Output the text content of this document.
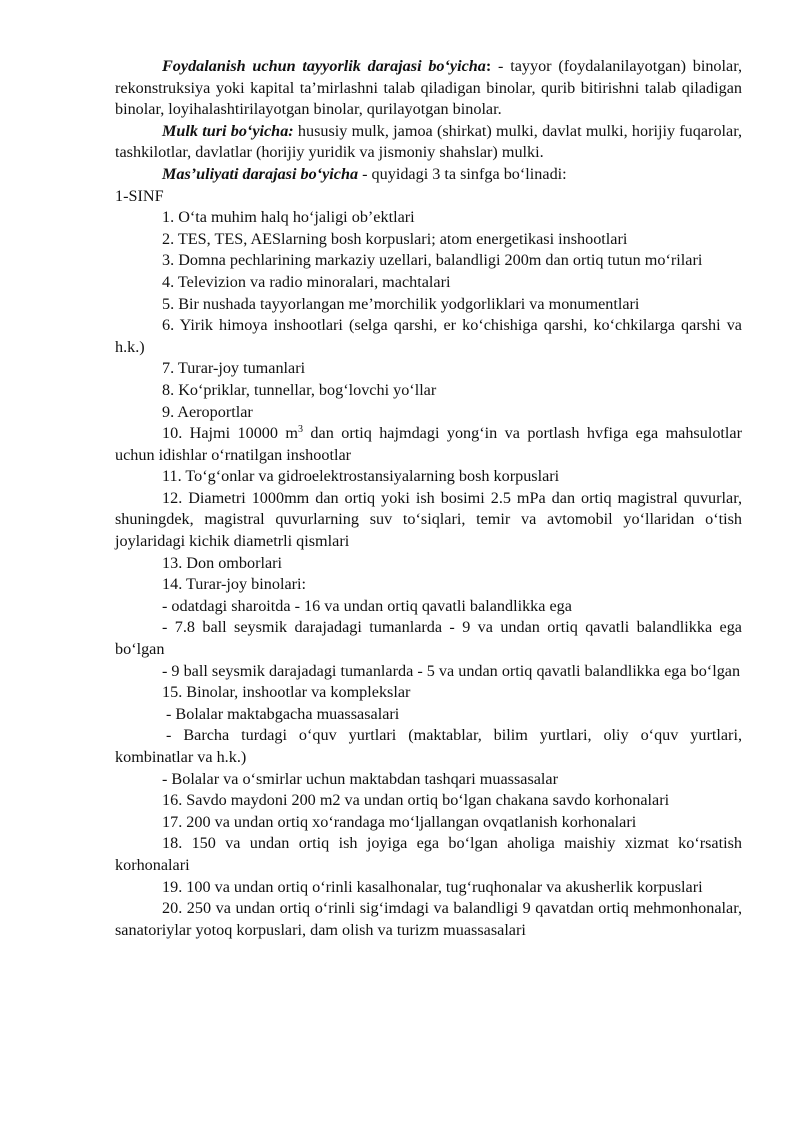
Foydalanish uchun tayyorlik darajasi bo‘yicha: - tayyor (foydalanilayotgan) binolar, rekonstruksiya yoki kapital ta’mirlashni talab qiladigan binolar, qurib bitirishni talab qiladigan binolar, loyihalashtirilayotgan binolar, qurilayotgan binolar.

Mulk turi bo‘yicha: hususiy mulk, jamoa (shirkat) mulki, davlat mulki, horijiy fuqarolar, tashkilotlar, davlatlar (horijiy yuridik va jismoniy shahslar) mulki.

Mas’uliyati darajasi bo‘yicha - quyidagi 3 ta sinfga bo‘linadi:

1-SINF

1. O‘ta muhim halq ho‘jaligi ob’ektlari

2. TES, TES, AESlarning bosh korpuslari; atom energetikasi inshootlari

3. Domna pechlarining markaziy uzellari, balandligi 200m dan ortiq tutun mo‘rilari

4. Televizion va radio minoralari, machtalari

5. Bir nushada tayyorlangan me’morchilik yodgorliklari va monumentlari

6. Yirik himoya inshootlari (selga qarshi, er ko‘chishiga qarshi, ko‘chkilarga qarshi va h.k.)

7. Turar-joy tumanlari

8. Ko‘priklar, tunnellar, bog‘lovchi yo‘llar

9. Aeroportlar

10. Hajmi 10000 $m^3$ dan ortiq hajmdagi yong‘in va portlash hvfiga ega mahsulotlar uchun idishlar o‘rnatilgan inshootlar

11. To‘g‘onlar va gidroelektrostansiyalarning bosh korpuslari

12. Diametri 1000mm dan ortiq yoki ish bosimi 2.5 mPa dan ortiq magistral quvurlar, shuningdek, magistral quvurlarning suv to‘siqlari, temir va avtomobil yo‘llaridan o‘tish joylaridagi kichik diametrli qismlari

13. Don omborlari

14. Turar-joy binolari:

- odatdagi sharoitda - 16 va undan ortiq qavatli balandlikka ega

- 7.8 ball seysmik darajadagi tumanlarda - 9 va undan ortiq qavatli balandlikka ega bo‘lgan

- 9 ball seysmik darajadagi tumanlarda - 5 va undan ortiq qavatli balandlikka ega bo‘lgan

15. Binolar, inshootlar va komplekslar

- Bolalar maktabgacha muassasalari

- Barcha turdagi o‘quv yurtlari (maktablar, bilim yurtlari, oliy o‘quv yurtlari, kombinatlar va h.k.)

- Bolalar va o‘smirlar uchun maktabdan tashqari muassasalar

16. Savdo maydoni 200 m2 va undan ortiq bo‘lgan chakana savdo korhonalari

17. 200 va undan ortiq xo‘randaga mo‘ljallangan ovqatlanish korhonalari

18. 150 va undan ortiq ish joyiga ega bo‘lgan aholiga maishiy xizmat ko‘rsatish korhonalari

19. 100 va undan ortiq o‘rinli kasalhonalar, tug‘ruqhonalar va akusherlik korpuslari

20. 250 va undan ortiq o‘rinli sig‘imdagi va balandligi 9 qavatdan ortiq mehmonhonalar, sanatoriylar yotoq korpuslari, dam olish va turizm muassasalari
